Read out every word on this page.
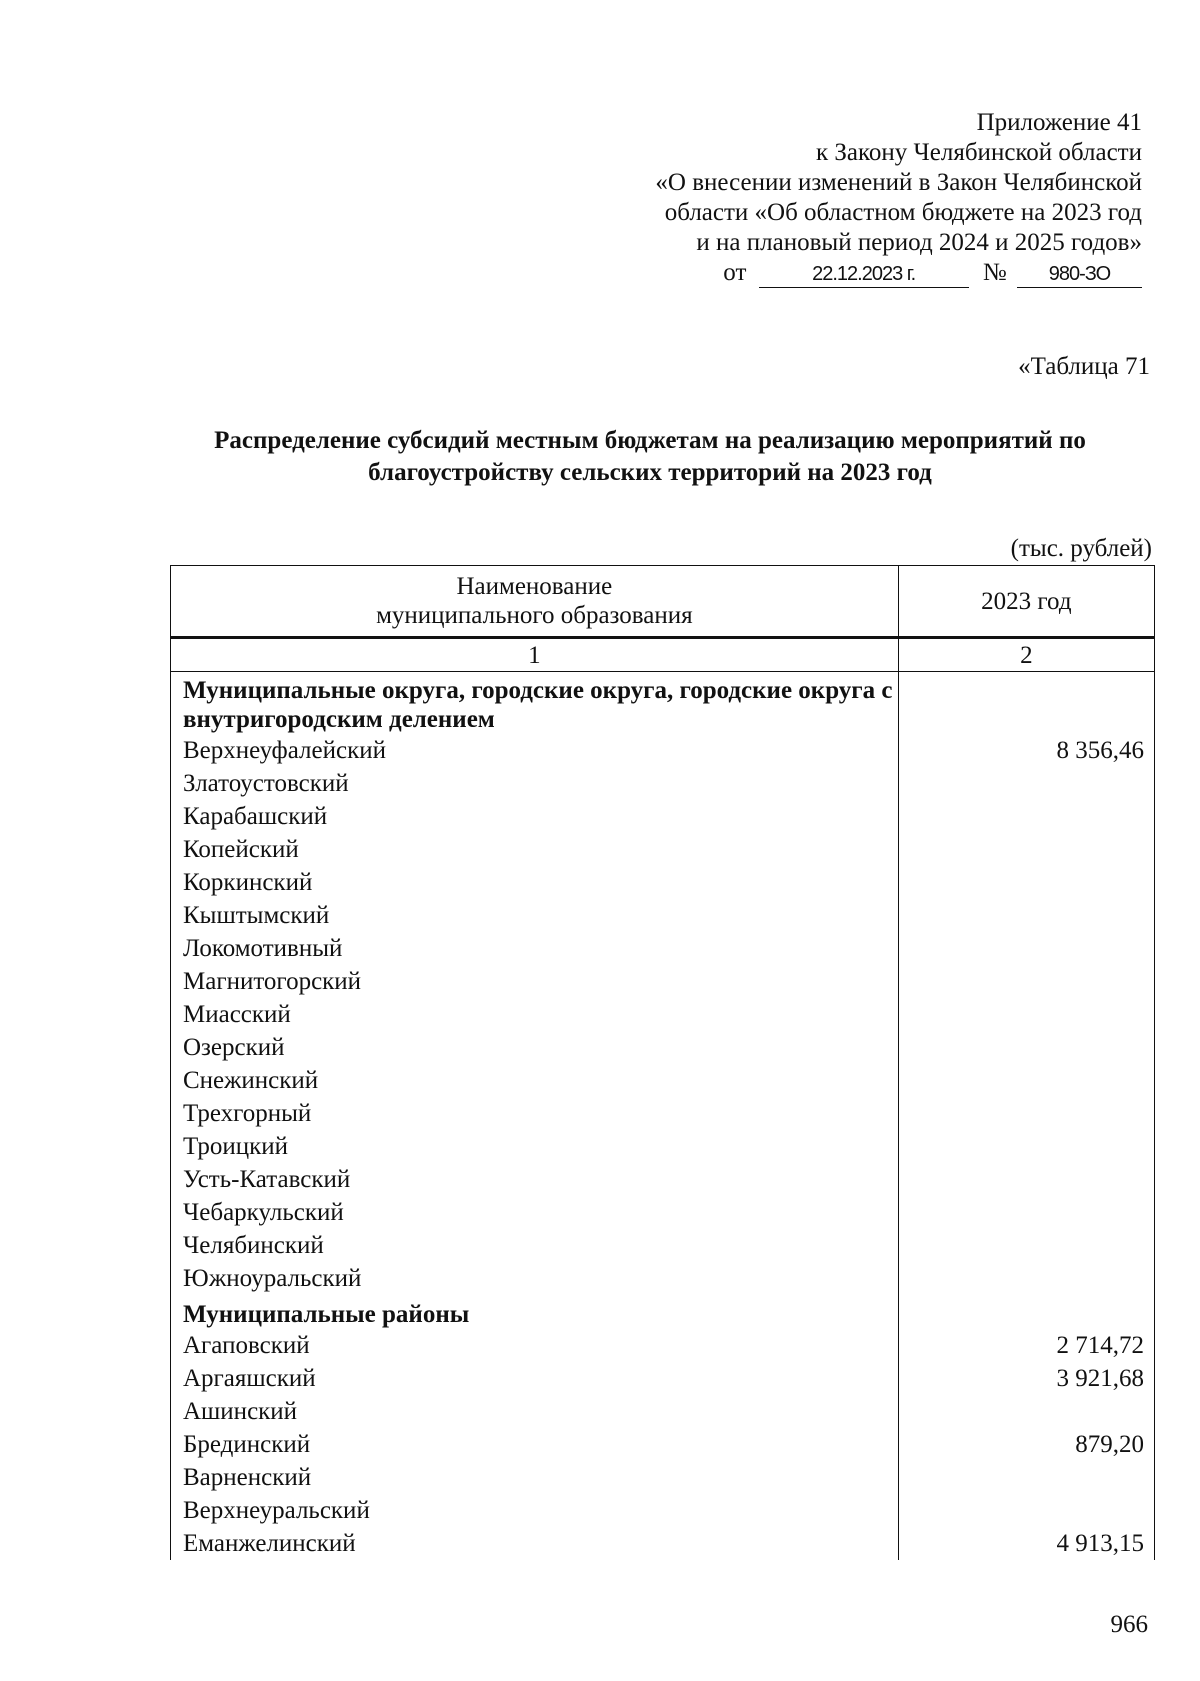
Приложение 41
к Закону Челябинской области
«О внесении изменений в Закон Челябинской
области «Об областном бюджете на 2023 год
и на плановый период 2024 и 2025 годов»
от	22.12.2023 г.	№ 980-ЗО
«Таблица 71
Распределение субсидий местным бюджетам на реализацию мероприятий по благоустройству сельских территорий на 2023 год
(тыс. рублей)
Наименование муниципального образования	2023 год
1	2
Муниципальные округа, городские округа, городские округа с внутригородским делением	
Верхнеуфалейский	8 356,46
Златоустовский	
Карабашский	
Копейский	
Коркинский	
Кыштымский	
Локомотивный	
Магнитогорский	
Миасский	
Озерский	
Снежинский	
Трехгорный	
Троицкий	
Усть-Катавский	
Чебаркульский	
Челябинский	
Южноуральский	
Муниципальные районы	
Агаповский	2 714,72
Аргаяшский	3 921,68
Ашинский	
Брединский	879,20
Варненский	
Верхнеуральский	
Еманжелинский	4 913,15
966
